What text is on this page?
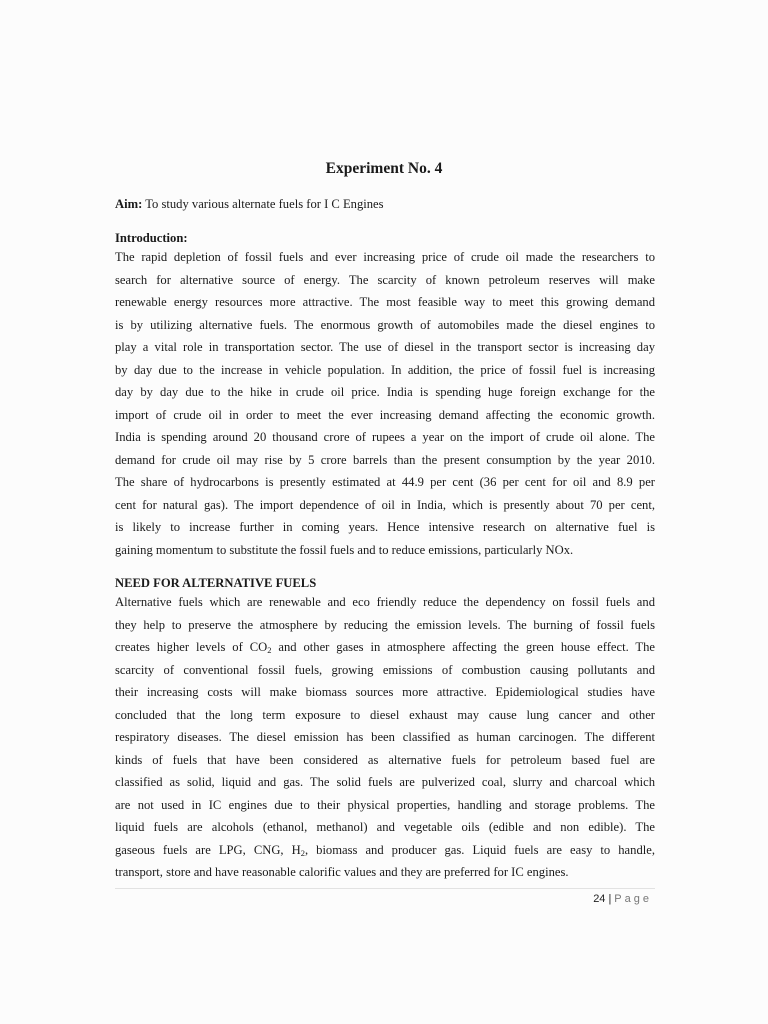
Experiment No. 4

Aim: To study various alternate fuels for I C Engines

Introduction:

The rapid depletion of fossil fuels and ever increasing price of crude oil made the researchers to
search for alternative source of energy. The scarcity of known petroleum reserves will make
renewable energy resources more attractive. The most feasible way to meet this growing demand
is by utilizing alternative fuels. The enormous growth of automobiles made the diesel engines to
play a vital role in transportation sector. The use of diesel in the transport sector is increasing day
by day due to the increase in vehicle population. In addition, the price of fossil fuel is increasing
day by day due to the hike in crude oil price. India is spending huge foreign exchange for the
import of crude oil in order to meet the ever increasing demand affecting the economic growth.
India is spending around 20 thousand crore of rupees a year on the import of crude oil alone. The
demand for crude oil may rise by 5 crore barrels than the present consumption by the year 2010.
The share of hydrocarbons is presently estimated at 44.9 per cent (36 per cent for oil and 8.9 per
cent for natural gas). The import dependence of oil in India, which is presently about 70 per cent,
is likely to increase further in coming years. Hence intensive research on alternative fuel is
gaining momentum to substitute the fossil fuels and to reduce emissions, particularly NOx.

NEED FOR ALTERNATIVE FUELS

Alternative fuels which are renewable and eco friendly reduce the dependency on fossil fuels and
they help to preserve the atmosphere by reducing the emission levels. The burning of fossil fuels
creates higher levels of $CO_2$ and other gases in atmosphere affecting the green house effect. The
scarcity of conventional fossil fuels, growing emissions of combustion causing pollutants and
their increasing costs will make biomass sources more attractive. Epidemiological studies have
concluded that the long term exposure to diesel exhaust may cause lung cancer and other
respiratory diseases. The diesel emission has been classified as human carcinogen. The different
kinds of fuels that have been considered as alternative fuels for petroleum based fuel are
classified as solid, liquid and gas. The solid fuels are pulverized coal, slurry and charcoal which
are not used in IC engines due to their physical properties, handling and storage problems. The
liquid fuels are alcohols (ethanol, methanol) and vegetable oils (edible and non edible). The
gaseous fuels are LPG, CNG, $H_2$, biomass and producer gas. Liquid fuels are easy to handle,
transport, store and have reasonable calorific values and they are preferred for IC engines.
24 | Page
